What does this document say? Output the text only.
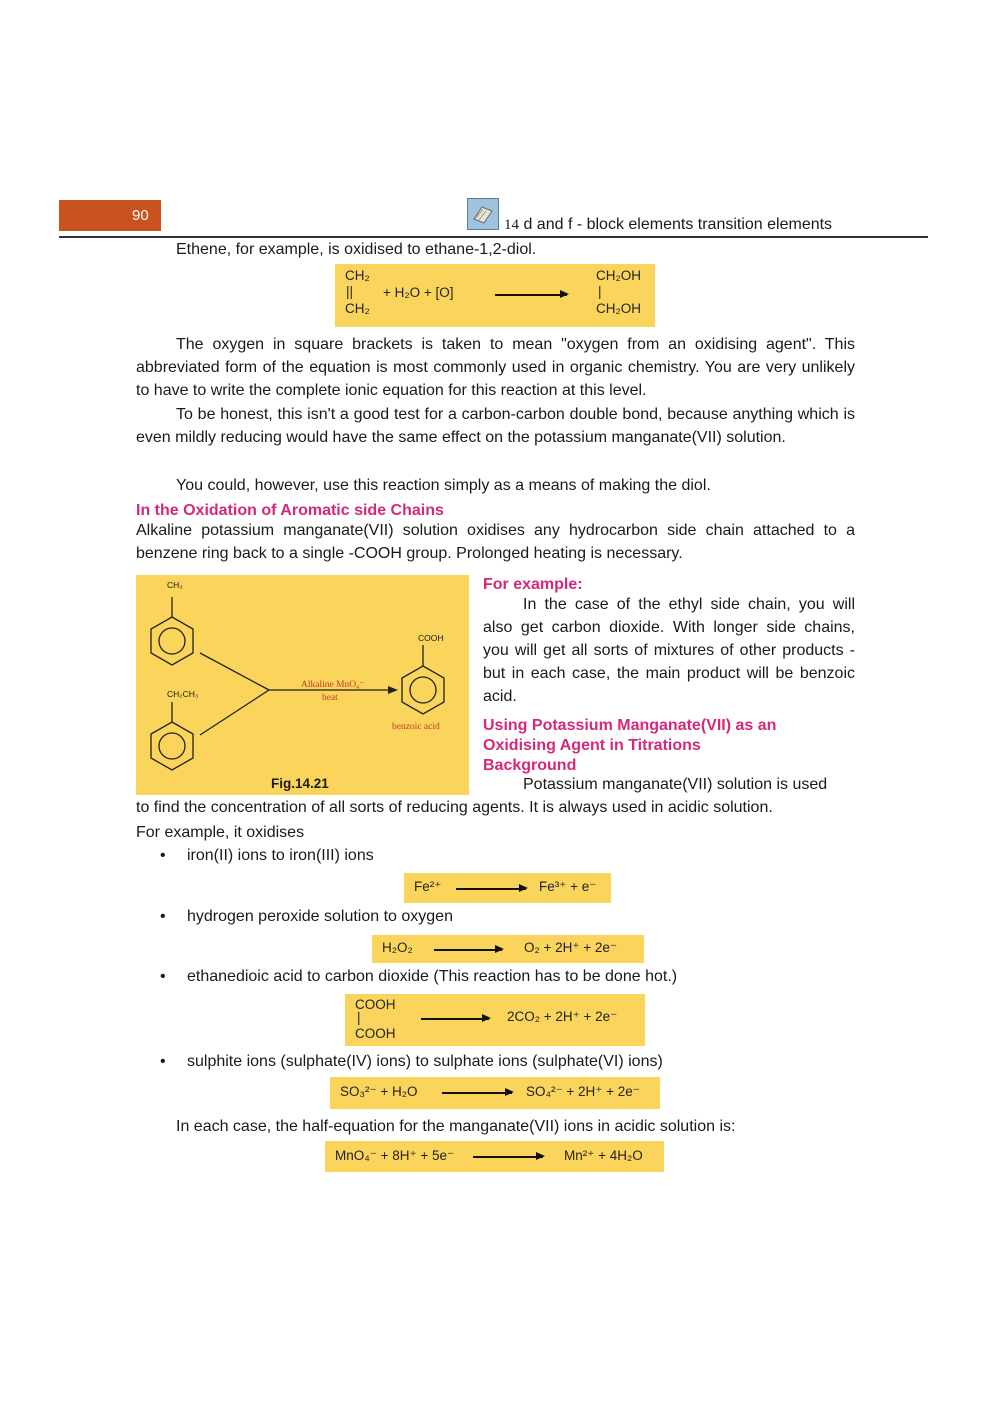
90
14 d and f - block elements transition elements

Ethene, for example, is oxidised to ethane-1,2-diol.

CH₂
||
CH₂
+ H₂O + [O]
CH₂OH
|
CH₂OH

The oxygen in square brackets is taken to mean "oxygen from an oxidising agent". This abbreviated form of the equation is most commonly used in organic chemistry. You are very unlikely to have to write the complete ionic equation for this reaction at this level.

To be honest, this isn't a good test for a carbon-carbon double bond, because anything which is even mildly reducing would have the same effect on the potassium manganate(VII) solution.

You could, however, use this reaction simply as a means of making the diol.

In the Oxidation of Aromatic side Chains

Alkaline potassium manganate(VII) solution oxidises any hydrocarbon side chain attached to a benzene ring back to a single -COOH group. Prolonged heating is necessary.

CH₃
CH₂CH₃
COOH
Alkaline MnO₄⁻
heat
benzoic acid
Fig.14.21

For example:

In the case of the ethyl side chain, you will also get carbon dioxide. With longer side chains, you will get all sorts of mixtures of other products - but in each case, the main product will be benzoic acid.

Using Potassium Manganate(VII) as an

Oxidising Agent in Titrations

Background

Potassium manganate(VII) solution is used

to find the concentration of all sorts of reducing agents. It is always used in acidic solution.

For example, it oxidises

• iron(II) ions to iron(III) ions
Fe²⁺	Fe³⁺ + e⁻
• hydrogen peroxide solution to oxygen
H₂O₂	O₂ + 2H⁺ + 2e⁻
• ethanedioic acid to carbon dioxide (This reaction has to be done hot.)
COOH
|
COOH
2CO₂ + 2H⁺ + 2e⁻
• sulphite ions (sulphate(IV) ions) to sulphate ions (sulphate(VI) ions)
SO₃²⁻ + H₂O	SO₄²⁻ + 2H⁺ + 2e⁻

In each case, the half-equation for the manganate(VII) ions in acidic solution is:

MnO₄⁻ + 8H⁺ + 5e⁻	Mn²⁺ + 4H₂O
